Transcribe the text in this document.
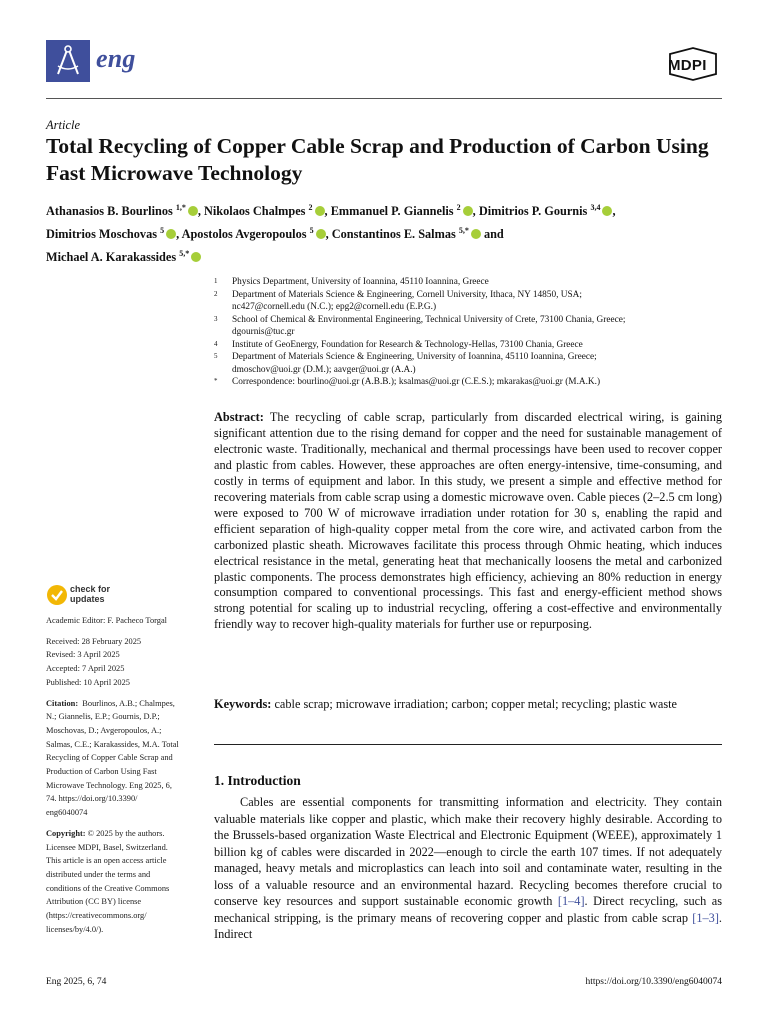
eng	MDPI
Article
Total Recycling of Copper Cable Scrap and Production of Carbon Using Fast Microwave Technology
Athanasios B. Bourlinos $^{1,*}$ , Nikolaos Chalmpes $^2$ , Emmanuel P. Giannelis $^2$ , Dimitrios P. Gournis $^{3,4}$ ,
Dimitrios Moschovas $^5$ , Apostolos Avgeropoulos $^5$ , Constantinos E. Salmas $^{5,*}$ and
Michael A. Karakassides $^{5,*}$
1	Physics Department, University of Ioannina, 45110 Ioannina, Greece
2	Department of Materials Science & Engineering, Cornell University, Ithaca, NY 14850, USA;
nc427@cornell.edu (N.C.); epg2@cornell.edu (E.P.G.)
3	School of Chemical & Environmental Engineering, Technical University of Crete, 73100 Chania, Greece;
dgournis@tuc.gr
4	Institute of GeoEnergy, Foundation for Research & Technology-Hellas, 73100 Chania, Greece
5	Department of Materials Science & Engineering, University of Ioannina, 45110 Ioannina, Greece;
dmoschov@uoi.gr (D.M.); aavger@uoi.gr (A.A.)
*	Correspondence: bourlino@uoi.gr (A.B.B.); ksalmas@uoi.gr (C.E.S.); mkarakas@uoi.gr (M.A.K.)
Abstract: The recycling of cable scrap, particularly from discarded electrical wiring, is gaining significant attention due to the rising demand for copper and the need for sustainable management of electronic waste. Traditionally, mechanical and thermal processings have been used to recover copper and plastic from cables. However, these approaches are often energy-intensive, time-consuming, and costly in terms of equipment and labor. In this study, we present a simple and effective method for recovering materials from cable scrap using a domestic microwave oven. Cable pieces (2–2.5 cm long) were exposed to 700 W of microwave irradiation under rotation for 30 s, enabling the rapid and efficient separation of high-quality copper metal from the core wire, and activated carbon from the carbonized plastic sheath. Microwaves facilitate this process through Ohmic heating, which induces electrical resistance in the metal, generating heat that mechanically loosens the metal and carbonized plastic components. The process demonstrates high efficiency, achieving an 80% reduction in energy consumption compared to conventional processings. This fast and energy-efficient method shows strong potential for scaling up to industrial recycling, offering a cost-effective and environmentally friendly way to recover high-quality materials for further use or repurposing.
Keywords: cable scrap; microwave irradiation; carbon; copper metal; recycling; plastic waste
1. Introduction
Cables are essential components for transmitting information and electricity. They contain valuable materials like copper and plastic, which make their recovery highly desirable. According to the Brussels-based organization Waste Electrical and Electronic Equipment (WEEE), approximately 1 billion kg of cables were discarded in 2022—enough to circle the earth 107 times. If not adequately managed, heavy metals and microplastics can leach into soil and contaminate water, resulting in the loss of a valuable resource and an environmental hazard. Recycling becomes therefore crucial to conserve key resources and support sustainable economic growth [1–4]. Direct recycling, such as mechanical stripping, is the primary means of recovering copper and plastic from cable scrap [1–3]. Indirect
check for
updates
Academic Editor: F. Pacheco Torgal
Received: 28 February 2025
Revised: 3 April 2025
Accepted: 7 April 2025
Published: 10 April 2025
Citation: Bourlinos, A.B.; Chalmpes,
N.; Giannelis, E.P.; Gournis, D.P.;
Moschovas, D.; Avgeropoulos, A.;
Salmas, C.E.; Karakassides, M.A. Total
Recycling of Copper Cable Scrap and
Production of Carbon Using Fast
Microwave Technology. Eng 2025, 6,
74. https://doi.org/10.3390/
eng6040074
Copyright: © 2025 by the authors.
Licensee MDPI, Basel, Switzerland.
This article is an open access article
distributed under the terms and
conditions of the Creative Commons
Attribution (CC BY) license
(https://creativecommons.org/
licenses/by/4.0/).
Eng 2025, 6, 74	https://doi.org/10.3390/eng6040074
